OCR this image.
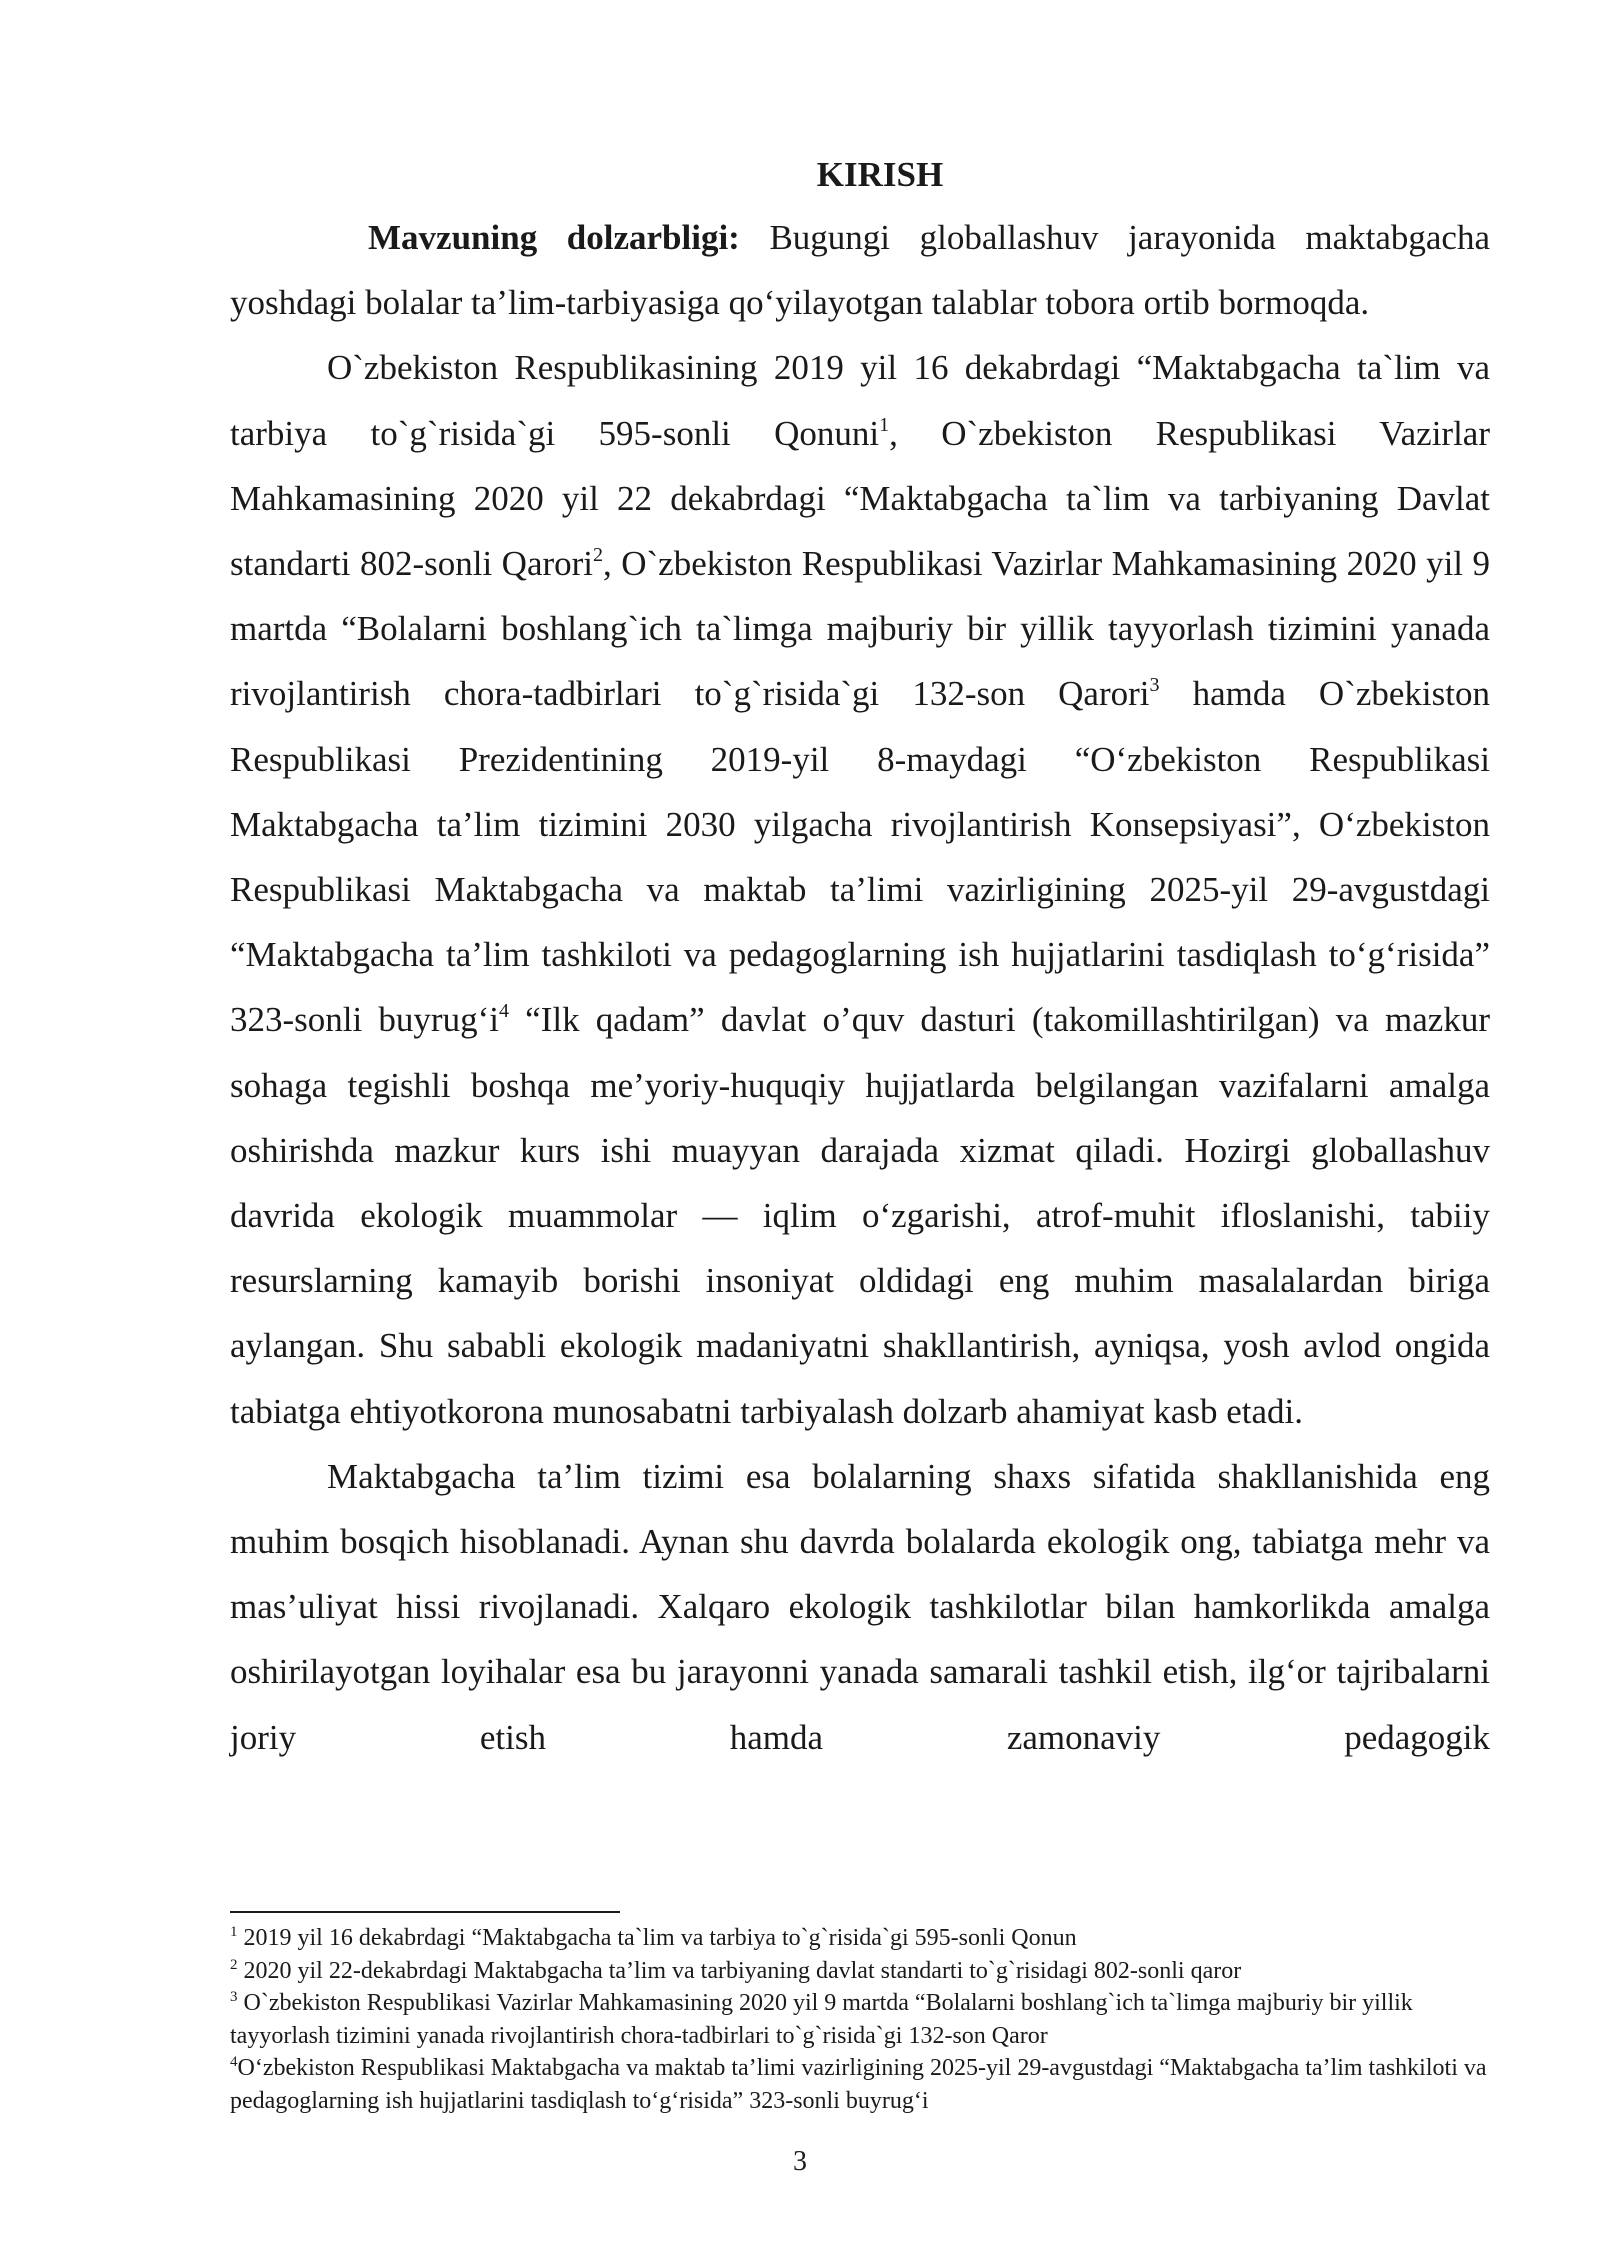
KIRISH

Mavzuning dolzarbligi: Bugungi globallashuv jarayonida maktabgacha yoshdagi bolalar ta’lim-tarbiyasiga qo‘yilayotgan talablar tobora ortib bormoqda.

O`zbekiston Respublikasining 2019 yil 16 dekabrdagi “Maktabgacha ta`lim va tarbiya to`g`risida`gi 595-sonli Qonuni$^1$, O`zbekiston Respublikasi Vazirlar Mahkamasining 2020 yil 22 dekabrdagi “Maktabgacha ta`lim va tarbiyaning Davlat standarti 802-sonli Qarori$^2$, O`zbekiston Respublikasi Vazirlar Mahkamasining 2020 yil 9 martda “Bolalarni boshlang`ich ta`limga majburiy bir yillik tayyorlash tizimini yanada rivojlantirish chora-tadbirlari to`g`risida`gi 132-son Qarori$^3$ hamda O`zbekiston Respublikasi Prezidentining 2019-yil 8-maydagi “O‘zbekiston Respublikasi Maktabgacha ta’lim tizimini 2030 yilgacha rivojlantirish Konsepsiyasi”, O‘zbekiston Respublikasi Maktabgacha va maktab ta’limi vazirligining 2025-yil 29-avgustdagi “Maktabgacha ta’lim tashkiloti va pedagoglarning ish hujjatlarini tasdiqlash to‘g‘risida” 323-sonli $buyrug‘i^4$ “Ilk qadam” davlat o’quv dasturi (takomillashtirilgan) va mazkur sohaga tegishli boshqa me’yoriy-huquqiy hujjatlarda belgilangan vazifalarni amalga oshirishda mazkur kurs ishi muayyan darajada xizmat qiladi. Hozirgi globallashuv davrida ekologik muammolar — iqlim o‘zgarishi, atrof-muhit ifloslanishi, tabiiy resurslarning kamayib borishi insoniyat oldidagi eng muhim masalalardan biriga aylangan. Shu sababli ekologik madaniyatni shakllantirish, ayniqsa, yosh avlod ongida tabiatga ehtiyotkorona munosabatni tarbiyalash dolzarb ahamiyat kasb etadi.

Maktabgacha ta’lim tizimi esa bolalarning shaxs sifatida shakllanishida eng muhim bosqich hisoblanadi. Aynan shu davrda bolalarda ekologik ong, tabiatga mehr va mas’uliyat hissi rivojlanadi. Xalqaro ekologik tashkilotlar bilan hamkorlikda amalga oshirilayotgan loyihalar esa bu jarayonni yanada samarali tashkil etish, ilg‘or tajribalarni joriy etish hamda zamonaviy pedagogik

$^1$ 2019 yil 16 dekabrdagi “Maktabgacha ta`lim va tarbiya to`g`risida`gi 595-sonli Qonun

$^2$ 2020 yil 22-dekabrdagi Maktabgacha ta’lim va tarbiyaning davlat standarti to`g`risidagi 802-sonli qaror

$^3$ O`zbekiston Respublikasi Vazirlar Mahkamasining 2020 yil 9 martda “Bolalarni boshlang`ich ta`limga majburiy bir yillik tayyorlash tizimini yanada rivojlantirish chora-tadbirlari to`g`risida`gi 132-son Qaror

$^4$O‘zbekiston Respublikasi Maktabgacha va maktab ta’limi vazirligining 2025-yil 29-avgustdagi “Maktabgacha ta’lim tashkiloti va pedagoglarning ish hujjatlarini tasdiqlash to‘g‘risida” 323-sonli buyrug‘i

3
